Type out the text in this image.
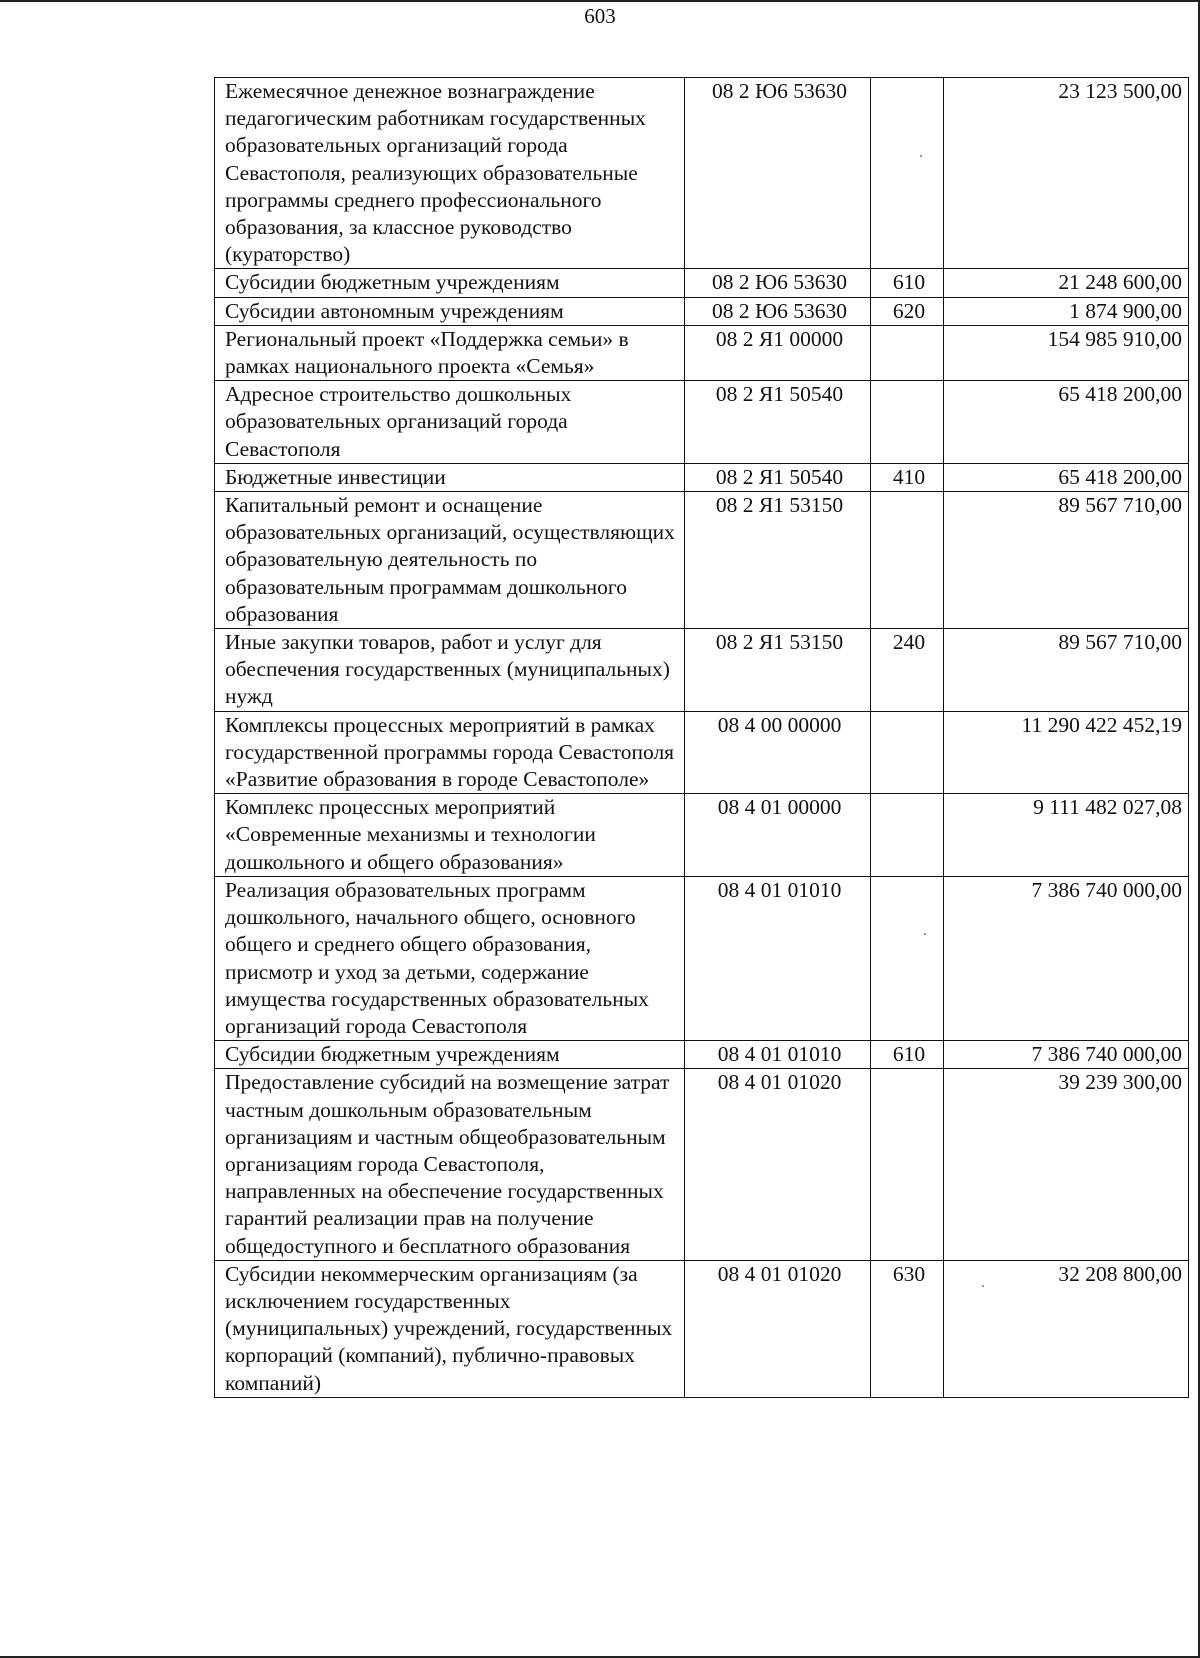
603
Ежемесячное денежное вознаграждение педагогическим работникам государственных образовательных организаций города Севастополя, реализующих образовательные программы среднего профессионального образования, за классное руководство (кураторство)	08 2 Ю6 53630		23 123 500,00
Субсидии бюджетным учреждениям	08 2 Ю6 53630	610	21 248 600,00
Субсидии автономным учреждениям	08 2 Ю6 53630	620	1 874 900,00
Региональный проект «Поддержка семьи» в рамках национального проекта «Семья»	08 2 Я1 00000		154 985 910,00
Адресное строительство дошкольных образовательных организаций города Севастополя	08 2 Я1 50540		65 418 200,00
Бюджетные инвестиции	08 2 Я1 50540	410	65 418 200,00
Капитальный ремонт и оснащение образовательных организаций, осуществляющих образовательную деятельность по образовательным программам дошкольного образования	08 2 Я1 53150		89 567 710,00
Иные закупки товаров, работ и услуг для обеспечения государственных (муниципальных) нужд	08 2 Я1 53150	240	89 567 710,00
Комплексы процессных мероприятий в рамках государственной программы города Севастополя «Развитие образования в городе Севастополе»	08 4 00 00000		11 290 422 452,19
Комплекс процессных мероприятий «Современные механизмы и технологии дошкольного и общего образования»	08 4 01 00000		9 111 482 027,08
Реализация образовательных программ дошкольного, начального общего, основного общего и среднего общего образования, присмотр и уход за детьми, содержание имущества государственных образовательных организаций города Севастополя	08 4 01 01010		7 386 740 000,00
Субсидии бюджетным учреждениям	08 4 01 01010	610	7 386 740 000,00
Предоставление субсидий на возмещение затрат частным дошкольным образовательным организациям и частным общеобразовательным организациям города Севастополя, направленных на обеспечение государственных гарантий реализации прав на получение общедоступного и бесплатного образования	08 4 01 01020		39 239 300,00
Субсидии некоммерческим организациям (за исключением государственных (муниципальных) учреждений, государственных корпораций (компаний), публично-правовых компаний)	08 4 01 01020	630	32 208 800,00
